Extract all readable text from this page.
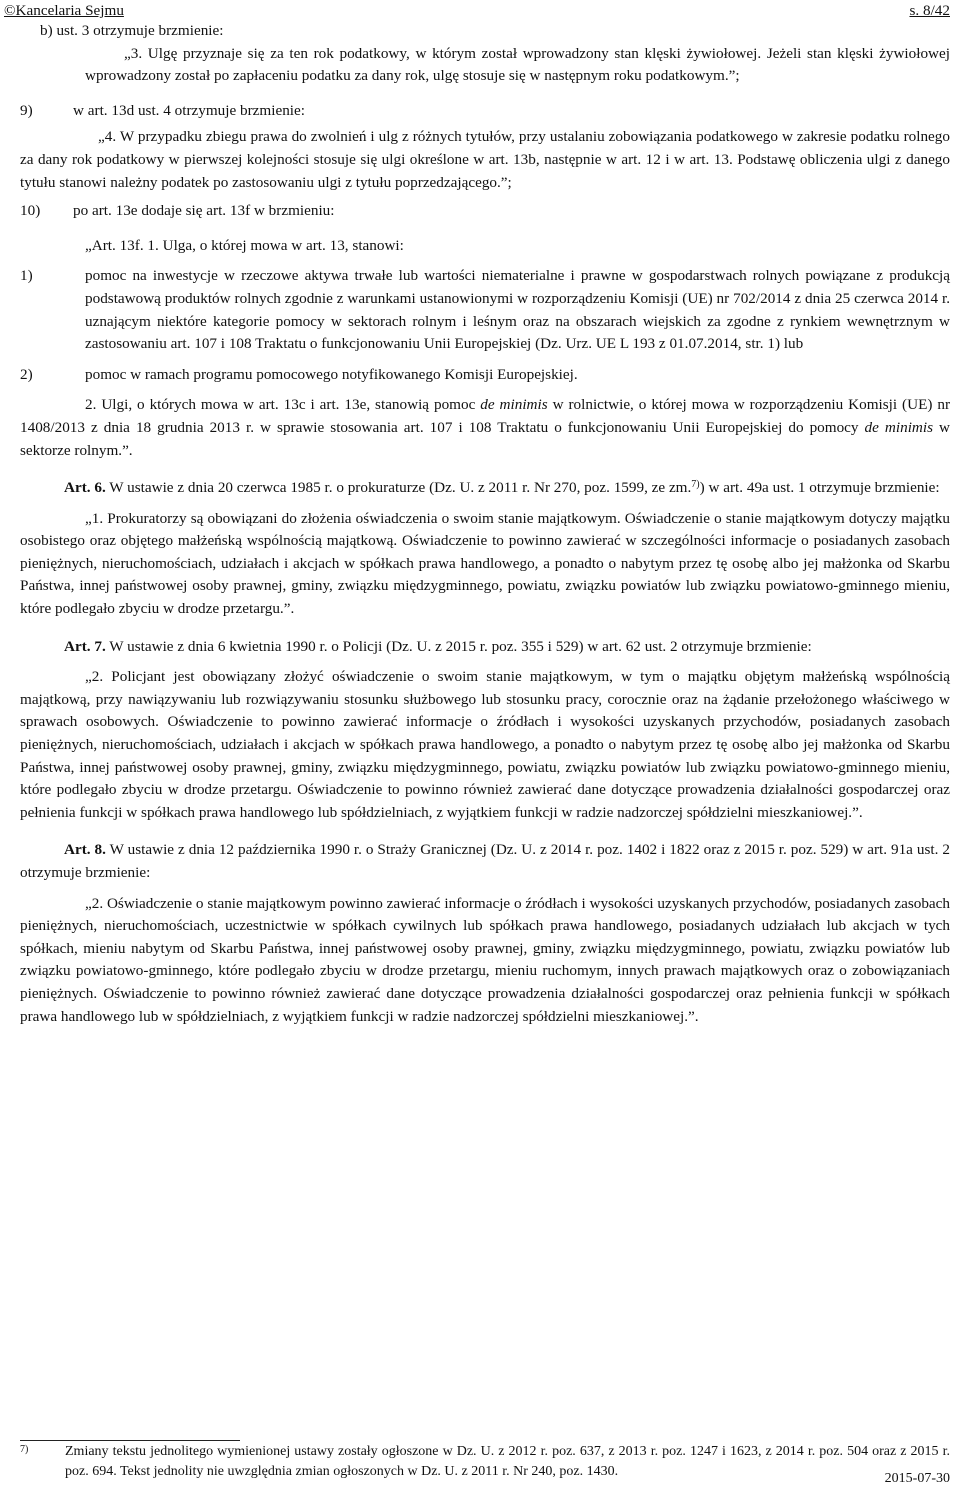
©Kancelaria Sejmu	s. 8/42

b) ust. 3 otrzymuje brzmienie:

„3. Ulgę przyznaje się za ten rok podatkowy, w którym został wprowadzony stan klęski żywiołowej. Jeżeli stan klęski żywiołowej wprowadzony został po zapłaceniu podatku za dany rok, ulgę stosuje się w następnym roku podatkowym.”;

9)	w art. 13d ust. 4 otrzymuje brzmienie:

„4. W przypadku zbiegu prawa do zwolnień i ulg z różnych tytułów, przy ustalaniu zobowiązania podatkowego w zakresie podatku rolnego za dany rok podatkowy w pierwszej kolejności stosuje się ulgi określone w art. 13b, następnie w art. 12 i w art. 13. Podstawę obliczenia ulgi z danego tytułu stanowi należny podatek po zastosowaniu ulgi z tytułu poprzedzającego.”;

10) po art. 13e dodaje się art. 13f w brzmieniu:

„Art. 13f. 1. Ulga, o której mowa w art. 13, stanowi:

1)	pomoc na inwestycje w rzeczowe aktywa trwałe lub wartości niematerialne i prawne w gospodarstwach rolnych powiązane z produkcją podstawową produktów rolnych zgodnie z warunkami ustanowionymi w rozporządzeniu Komisji (UE) nr 702/2014 z dnia 25 czerwca 2014 r. uznającym niektóre kategorie pomocy w sektorach rolnym i leśnym oraz na obszarach wiejskich za zgodne z rynkiem wewnętrznym w zastosowaniu art. 107 i 108 Traktatu o funkcjonowaniu Unii Europejskiej (Dz. Urz. UE L 193 z 01.07.2014, str. 1) lub
2)	pomoc w ramach programu pomocowego notyfikowanego Komisji Europejskiej.

2. Ulgi, o których mowa w art. 13c i art. 13e, stanowią pomoc de minimis w rolnictwie, o której mowa w rozporządzeniu Komisji (UE) nr 1408/2013 z dnia 18 grudnia 2013 r. w sprawie stosowania art. 107 i 108 Traktatu o funkcjonowaniu Unii Europejskiej do pomocy de minimis w sektorze rolnym.”.

Art. 6. W ustawie z dnia 20 czerwca 1985 r. o prokuraturze (Dz. U. z 2011 r. Nr 270, poz. 1599, ze zm.$^{7)}$) w art. 49a ust. 1 otrzymuje brzmienie:

„1. Prokuratorzy są obowiązani do złożenia oświadczenia o swoim stanie majątkowym. Oświadczenie o stanie majątkowym dotyczy majątku osobistego oraz objętego małżeńską wspólnością majątkową. Oświadczenie to powinno zawierać w szczególności informacje o posiadanych zasobach pieniężnych, nieruchomościach, udziałach i akcjach w spółkach prawa handlowego, a ponadto o nabytym przez tę osobę albo jej małżonka od Skarbu Państwa, innej państwowej osoby prawnej, gminy, związku międzygminnego, powiatu, związku powiatów lub związku powiatowo-gminnego mieniu, które podlegało zbyciu w drodze przetargu.”.

Art. 7. W ustawie z dnia 6 kwietnia 1990 r. o Policji (Dz. U. z 2015 r. poz. 355 i 529) w art. 62 ust. 2 otrzymuje brzmienie:

„2. Policjant jest obowiązany złożyć oświadczenie o swoim stanie majątkowym, w tym o majątku objętym małżeńską wspólnością majątkową, przy nawiązywaniu lub rozwiązywaniu stosunku służbowego lub stosunku pracy, corocznie oraz na żądanie przełożonego właściwego w sprawach osobowych. Oświadczenie to powinno zawierać informacje o źródłach i wysokości uzyskanych przychodów, posiadanych zasobach pieniężnych, nieruchomościach, udziałach i akcjach w spółkach prawa handlowego, a ponadto o nabytym przez tę osobę albo jej małżonka od Skarbu Państwa, innej państwowej osoby prawnej, gminy, związku międzygminnego, powiatu, związku powiatów lub związku powiatowo-gminnego mieniu, które podlegało zbyciu w drodze przetargu. Oświadczenie to powinno również zawierać dane dotyczące prowadzenia działalności gospodarczej oraz pełnienia funkcji w spółkach prawa handlowego lub spółdzielniach, z wyjątkiem funkcji w radzie nadzorczej spółdzielni mieszkaniowej.”.

Art. 8. W ustawie z dnia 12 października 1990 r. o Straży Granicznej (Dz. U. z 2014 r. poz. 1402 i 1822 oraz z 2015 r. poz. 529) w art. 91a ust. 2 otrzymuje brzmienie:

„2. Oświadczenie o stanie majątkowym powinno zawierać informacje o źródłach i wysokości uzyskanych przychodów, posiadanych zasobach pieniężnych, nieruchomościach, uczestnictwie w spółkach cywilnych lub spółkach prawa handlowego, posiadanych udziałach lub akcjach w tych spółkach, mieniu nabytym od Skarbu Państwa, innej państwowej osoby prawnej, gminy, związku międzygminnego, powiatu, związku powiatów lub związku powiatowo-gminnego, które podlegało zbyciu w drodze przetargu, mieniu ruchomym, innych prawach majątkowych oraz o zobowiązaniach pieniężnych. Oświadczenie to powinno również zawierać dane dotyczące prowadzenia działalności gospodarczej oraz pełnienia funkcji w spółkach prawa handlowego lub w spółdzielniach, z wyjątkiem funkcji w radzie nadzorczej spółdzielni mieszkaniowej.”.

7)	Zmiany tekstu jednolitego wymienionej ustawy zostały ogłoszone w Dz. U. z 2012 r. poz. 637, z 2013 r. poz. 1247 i 1623, z 2014 r. poz. 504 oraz z 2015 r. poz. 694. Tekst jednolity nie uwzględnia zmian ogłoszonych w Dz. U. z 2011 r. Nr 240, poz. 1430.	2015-07-30
